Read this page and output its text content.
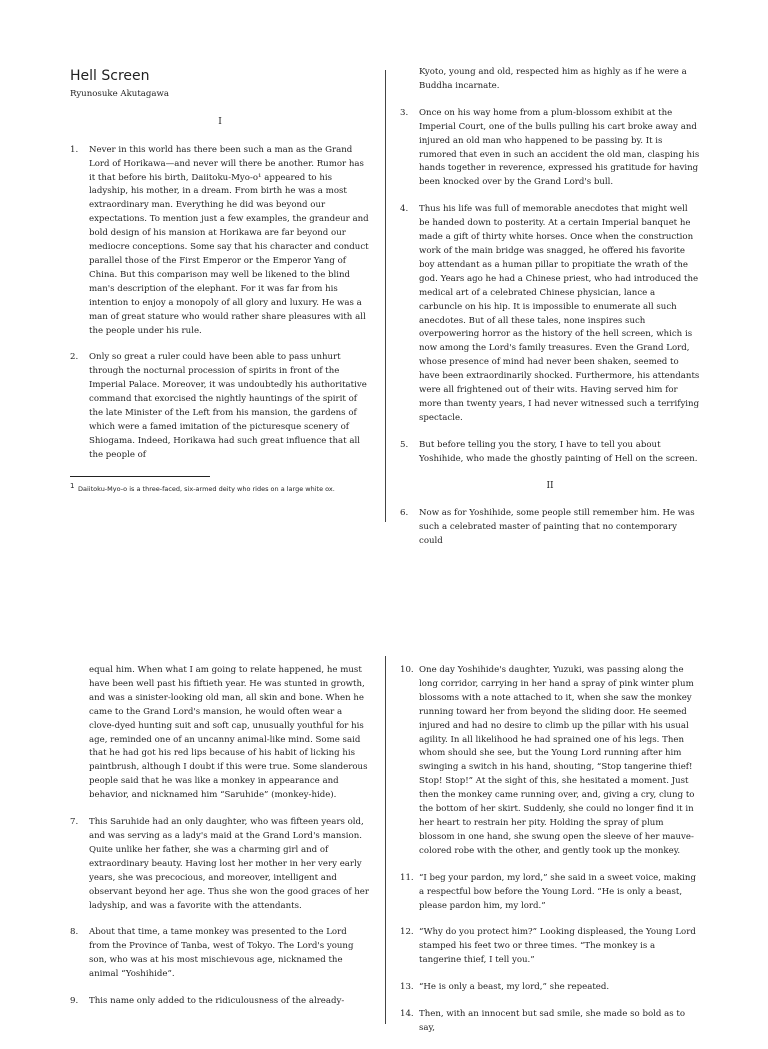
Hell Screen
Ryunosuke Akutagawa
I
1.	Never in this world has there been such a man as the Grand Lord of Horikawa—and never will there be another. Rumor has it that before his birth, Daiitoku-Myo-o¹ appeared to his ladyship, his mother, in a dream. From birth he was a most extraordinary man. Everything he did was beyond our expectations. To mention just a few examples, the grandeur and bold design of his mansion at Horikawa are far beyond our mediocre conceptions. Some say that his character and conduct parallel those of the First Emperor or the Emperor Yang of China. But this comparison may well be likened to the blind man's description of the elephant. For it was far from his intention to enjoy a monopoly of all glory and luxury. He was a man of great stature who would rather share pleasures with all the people under his rule.
2.	Only so great a ruler could have been able to pass unhurt through the nocturnal procession of spirits in front of the Imperial Palace. Moreover, it was undoubtedly his authoritative command that exorcised the nightly hauntings of the spirit of the late Minister of the Left from his mansion, the gardens of which were a famed imitation of the picturesque scenery of Shiogama. Indeed, Horikawa had such great influence that all the people of
1 Daiitoku-Myo-o is a three-faced, six-armed deity who rides on a large white ox.
Kyoto, young and old, respected him as highly as if he were a Buddha incarnate.
3.	Once on his way home from a plum-blossom exhibit at the Imperial Court, one of the bulls pulling his cart broke away and injured an old man who happened to be passing by. It is rumored that even in such an accident the old man, clasping his hands together in reverence, expressed his gratitude for having been knocked over by the Grand Lord's bull.
4.	Thus his life was full of memorable anecdotes that might well be handed down to posterity. At a certain Imperial banquet he made a gift of thirty white horses. Once when the construction work of the main bridge was snagged, he offered his favorite boy attendant as a human pillar to propitiate the wrath of the god. Years ago he had a Chinese priest, who had introduced the medical art of a celebrated Chinese physician, lance a carbuncle on his hip. It is impossible to enumerate all such anecdotes. But of all these tales, none inspires such overpowering horror as the history of the hell screen, which is now among the Lord's family treasures. Even the Grand Lord, whose presence of mind had never been shaken, seemed to have been extraordinarily shocked. Furthermore, his attendants were all frightened out of their wits. Having served him for more than twenty years, I had never witnessed such a terrifying spectacle.
5.	But before telling you the story, I have to tell you about Yoshihide, who made the ghostly painting of Hell on the screen.
II
6.	Now as for Yoshihide, some people still remember him. He was such a celebrated master of painting that no contemporary could
equal him. When what I am going to relate happened, he must have been well past his fiftieth year. He was stunted in growth, and was a sinister-looking old man, all skin and bone. When he came to the Grand Lord's mansion, he would often wear a clove-dyed hunting suit and soft cap, unusually youthful for his age, reminded one of an uncanny animal-like mind. Some said that he had got his red lips because of his habit of licking his paintbrush, although I doubt if this were true. Some slanderous people said that he was like a monkey in appearance and behavior, and nicknamed him “Saruhide” (monkey-hide).
7.	This Saruhide had an only daughter, who was fifteen years old, and was serving as a lady's maid at the Grand Lord's mansion. Quite unlike her father, she was a charming girl and of extraordinary beauty. Having lost her mother in her very early years, she was precocious, and moreover, intelligent and observant beyond her age. Thus she won the good graces of her ladyship, and was a favorite with the attendants.
8.	About that time, a tame monkey was presented to the Lord from the Province of Tanba, west of Tokyo. The Lord's young son, who was at his most mischievous age, nicknamed the animal “Yoshihide”.
9.	This name only added to the ridiculousness of the already-
10. One day Yoshihide's daughter, Yuzuki, was passing along the long corridor, carrying in her hand a spray of pink winter plum blossoms with a note attached to it, when she saw the monkey running toward her from beyond the sliding door. He seemed injured and had no desire to climb up the pillar with his usual agility. In all likelihood he had sprained one of his legs. Then whom should she see, but the Young Lord running after him swinging a switch in his hand, shouting, “Stop tangerine thief! Stop! Stop!” At the sight of this, she hesitated a moment. Just then the monkey came running over, and, giving a cry, clung to the bottom of her skirt. Suddenly, she could no longer find it in her heart to restrain her pity. Holding the spray of plum blossom in one hand, she swung open the sleeve of her mauve-colored robe with the other, and gently took up the monkey.
11. “I beg your pardon, my lord,” she said in a sweet voice, making a respectful bow before the Young Lord. “He is only a beast, please pardon him, my lord.”
12. “Why do you protect him?” Looking displeased, the Young Lord stamped his feet two or three times. “The monkey is a tangerine thief, I tell you.”
13. “He is only a beast, my lord,” she repeated.
14. Then, with an innocent but sad smile, she made so bold as to say,
